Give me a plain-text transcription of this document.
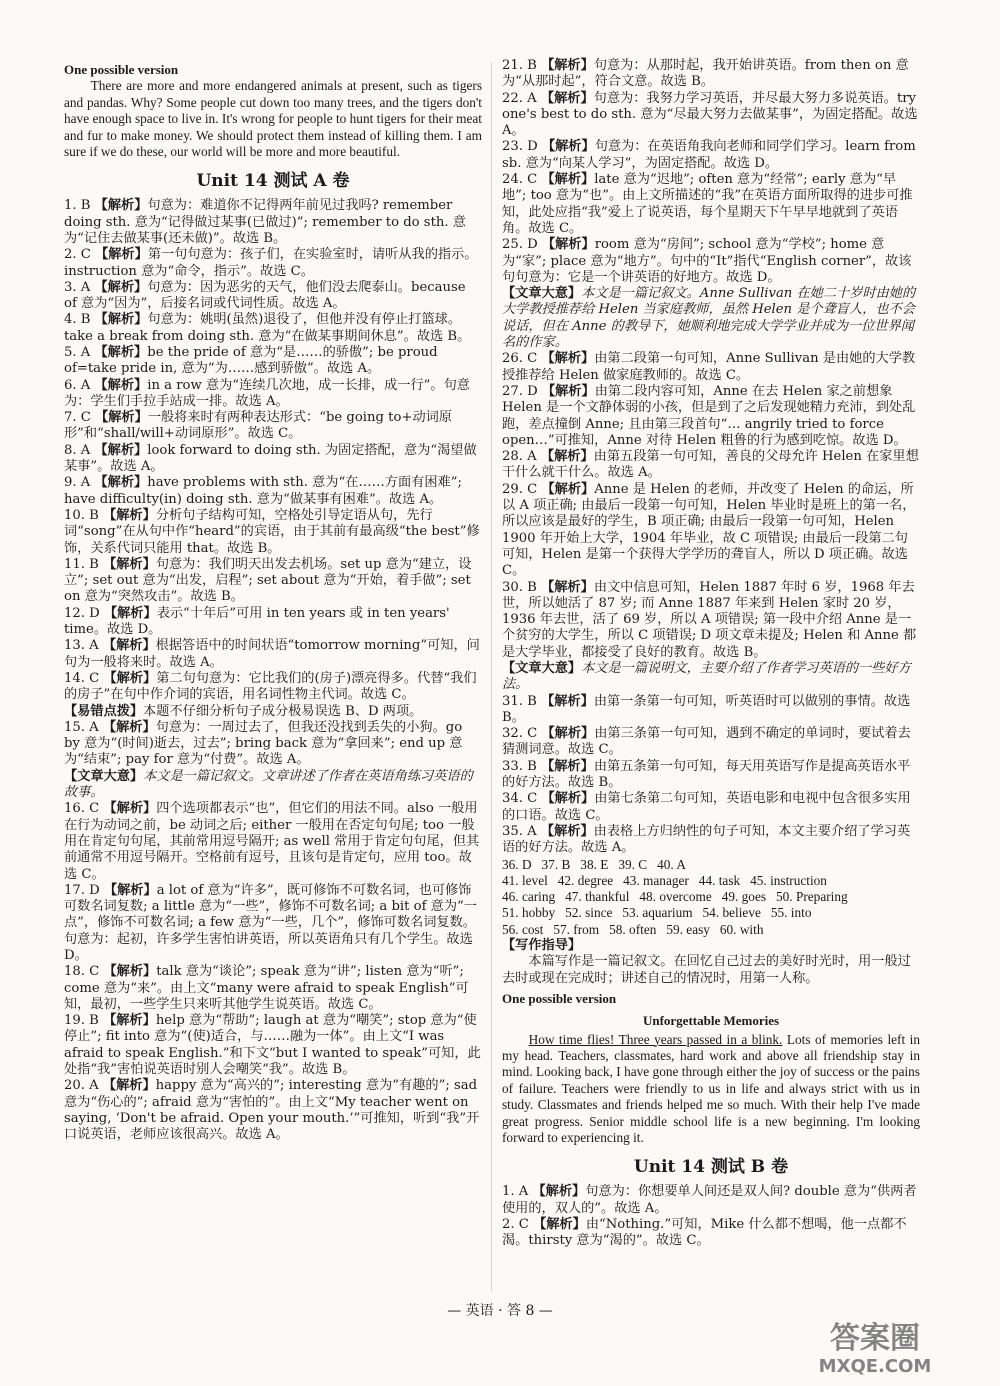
One possible version

There are more and more endangered animals at present, such as tigers and pandas. Why? Some people cut down too many trees, and the tigers don't have enough space to live in. It's wrong for people to hunt tigers for their meat and fur to make money. We should protect them instead of killing them. I am sure if we do these, our world will be more and more beautiful.

Unit 14 测试 A 卷

1. B 【解析】句意为：难道你不记得两年前见过我吗? remember doing sth. 意为“记得做过某事(已做过)”; remember to do sth. 意为“记住去做某事(还未做)”。故选 B。

2. C 【解析】第一句句意为：孩子们，在实验室时，请听从我的指示。instruction 意为“命令，指示”。故选 C。

3. A 【解析】句意为：因为恶劣的天气，他们没去爬泰山。because of 意为“因为”，后接名词或代词性质。故选 A。

4. B 【解析】句意为：姚明(虽然)退役了，但他并没有停止打篮球。take a break from doing sth. 意为“在做某事期间休息”。故选 B。

5. A 【解析】be the pride of 意为“是……的骄傲”; be proud of=take pride in, 意为“为……感到骄傲”。故选 A。

6. A 【解析】in a row 意为“连续几次地，成一长排，成一行”。句意为：学生们手拉手站成一排。故选 A。

7. C 【解析】一般将来时有两种表达形式：“be going to+动词原形”和“shall/will+动词原形”。故选 C。

8. A 【解析】look forward to doing sth. 为固定搭配，意为“渴望做某事”。故选 A。

9. A 【解析】have problems with sth. 意为“在……方面有困难”; have difficulty(in) doing sth. 意为“做某事有困难”。故选 A。

10. B 【解析】分析句子结构可知，空格处引导定语从句，先行词“song”在从句中作“heard”的宾语，由于其前有最高级“the best”修饰，关系代词只能用 that。故选 B。

11. B 【解析】句意为：我们明天出发去机场。set up 意为“建立，设立”; set out 意为“出发，启程”; set about 意为“开始，着手做”; set on 意为“突然攻击”。故选 B。

12. D 【解析】表示“十年后”可用 in ten years 或 in ten years' time。故选 D。

13. A 【解析】根据答语中的时间状语“tomorrow morning”可知，问句为一般将来时。故选 A。

14. C 【解析】第二句句意为：它比我们的(房子)漂亮得多。代替“我们的房子”在句中作介词的宾语，用名词性物主代词。故选 C。

【易错点拨】本题不仔细分析句子成分极易误选 B、D 两项。

15. A 【解析】句意为：一周过去了，但我还没找到丢失的小狗。go by 意为“(时间)逝去，过去”; bring back 意为“拿回来”; end up 意为“结束”; pay for 意为“付费”。故选 A。

【文章大意】本文是一篇记叙文。文章讲述了作者在英语角练习英语的故事。

16. C 【解析】四个选项都表示“也”，但它们的用法不同。also 一般用在行为动词之前，be 动词之后; either 一般用在否定句句尾; too 一般用在肯定句句尾，其前常用逗号隔开; as well 常用于肯定句句尾，但其前通常不用逗号隔开。空格前有逗号，且该句是肯定句，应用 too。故选 C。

17. D 【解析】a lot of 意为“许多”，既可修饰不可数名词，也可修饰可数名词复数; a little 意为“一些”，修饰不可数名词; a bit of 意为“一点”，修饰不可数名词; a few 意为“一些，几个”，修饰可数名词复数。句意为：起初，许多学生害怕讲英语，所以英语角只有几个学生。故选 D。

18. C 【解析】talk 意为“谈论”; speak 意为“讲”; listen 意为“听”; come 意为“来”。由上文“many were afraid to speak English”可知，最初，一些学生只来听其他学生说英语。故选 C。

19. B 【解析】help 意为“帮助”; laugh at 意为“嘲笑”; stop 意为“使停止”; fit into 意为“(使)适合，与……融为一体”。由上文“I was afraid to speak English.”和下文“but I wanted to speak”可知，此处指“我”害怕说英语时别人会嘲笑“我”。故选 B。

20. A 【解析】happy 意为“高兴的”; interesting 意为“有趣的”; sad 意为“伤心的”; afraid 意为“害怕的”。由上文“My teacher went on saying, ‘Don't be afraid. Open your mouth.’”可推知，听到“我”开口说英语，老师应该很高兴。故选 A。

21. B 【解析】句意为：从那时起，我开始讲英语。from then on 意为“从那时起”，符合文意。故选 B。

22. A 【解析】句意为：我努力学习英语，并尽最大努力多说英语。try one's best to do sth. 意为“尽最大努力去做某事”，为固定搭配。故选 A。

23. D 【解析】句意为：在英语角我向老师和同学们学习。learn from sb. 意为“向某人学习”，为固定搭配。故选 D。

24. C 【解析】late 意为“迟地”; often 意为“经常”; early 意为“早地”; too 意为“也”。由上文所描述的“我”在英语方面所取得的进步可推知，此处应指“我”爱上了说英语，每个星期天下午早早地就到了英语角。故选 C。

25. D 【解析】room 意为“房间”; school 意为“学校”; home 意为“家”; place 意为“地方”。句中的“It”指代“English corner”，故该句句意为：它是一个讲英语的好地方。故选 D。

【文章大意】本文是一篇记叙文。Anne Sullivan 在她二十岁时由她的大学教授推荐给 Helen 当家庭教师，虽然 Helen 是个聋盲人，也不会说话，但在 Anne 的教导下，她顺利地完成大学学业并成为一位世界闻名的作家。

26. C 【解析】由第二段第一句可知，Anne Sullivan 是由她的大学教授推荐给 Helen 做家庭教师的。故选 C。

27. D 【解析】由第二段内容可知，Anne 在去 Helen 家之前想象 Helen 是一个文静体弱的小孩，但是到了之后发现她精力充沛，到处乱跑，差点撞倒 Anne; 且由第三段首句“… angrily tried to force open…”可推知，Anne 对待 Helen 粗鲁的行为感到吃惊。故选 D。

28. A 【解析】由第五段第一句可知，善良的父母允许 Helen 在家里想干什么就干什么。故选 A。

29. C 【解析】Anne 是 Helen 的老师，并改变了 Helen 的命运，所以 A 项正确; 由最后一段第一句可知，Helen 毕业时是班上的第一名，所以应该是最好的学生，B 项正确; 由最后一段第一句可知，Helen 1900 年开始上大学，1904 年毕业，故 C 项错误; 由最后一段第二句可知，Helen 是第一个获得大学学历的聋盲人，所以 D 项正确。故选 C。

30. B 【解析】由文中信息可知，Helen 1887 年时 6 岁，1968 年去世，所以她活了 87 岁; 而 Anne 1887 年来到 Helen 家时 20 岁，1936 年去世，活了 69 岁，所以 A 项错误; 第一段中介绍 Anne 是一个贫穷的大学生，所以 C 项错误; D 项文章未提及; Helen 和 Anne 都是大学毕业，都接受了良好的教育。故选 B。

【文章大意】本文是一篇说明文，主要介绍了作者学习英语的一些好方法。

31. B 【解析】由第一条第一句可知，听英语时可以做别的事情。故选 B。

32. C 【解析】由第三条第一句可知，遇到不确定的单词时，要试着去猜测词意。故选 C。

33. B 【解析】由第五条第一句可知，每天用英语写作是提高英语水平的好方法。故选 B。

34. C 【解析】由第七条第二句可知，英语电影和电视中包含很多实用的口语。故选 C。

35. A 【解析】由表格上方归纳性的句子可知，本文主要介绍了学习英语的好方法。故选 A。

36. D   37. B   38. E   39. C   40. A

41. level   42. degree   43. manager   44. task   45. instruction

46. caring   47. thankful   48. overcome   49. goes   50. Preparing

51. hobby   52. since   53. aquarium   54. believe   55. into

56. cost   57. from   58. often   59. easy   60. with

【写作指导】

本篇写作是一篇记叙文。在回忆自己过去的美好时光时，用一般过去时或现在完成时；讲述自己的情况时，用第一人称。

One possible version

Unforgettable Memories

How time flies! Three years passed in a blink. Lots of memories left in my head. Teachers, classmates, hard work and above all friendship stay in mind. Looking back, I have gone through either the joy of success or the pains of failure. Teachers were friendly to us in life and always strict with us in study. Classmates and friends helped me so much. With their help I've made great progress. Senior middle school life is a new beginning. I'm looking forward to experiencing it.

Unit 14 测试 B 卷

1. A 【解析】句意为：你想要单人间还是双人间? double 意为“供两者使用的，双人的”。故选 A。

2. C 【解析】由“Nothing.”可知，Mike 什么都不想喝，他一点都不渴。thirsty 意为“渴的”。故选 C。

— 英语 · 答 8 —
答案圈
MXQE.COM
